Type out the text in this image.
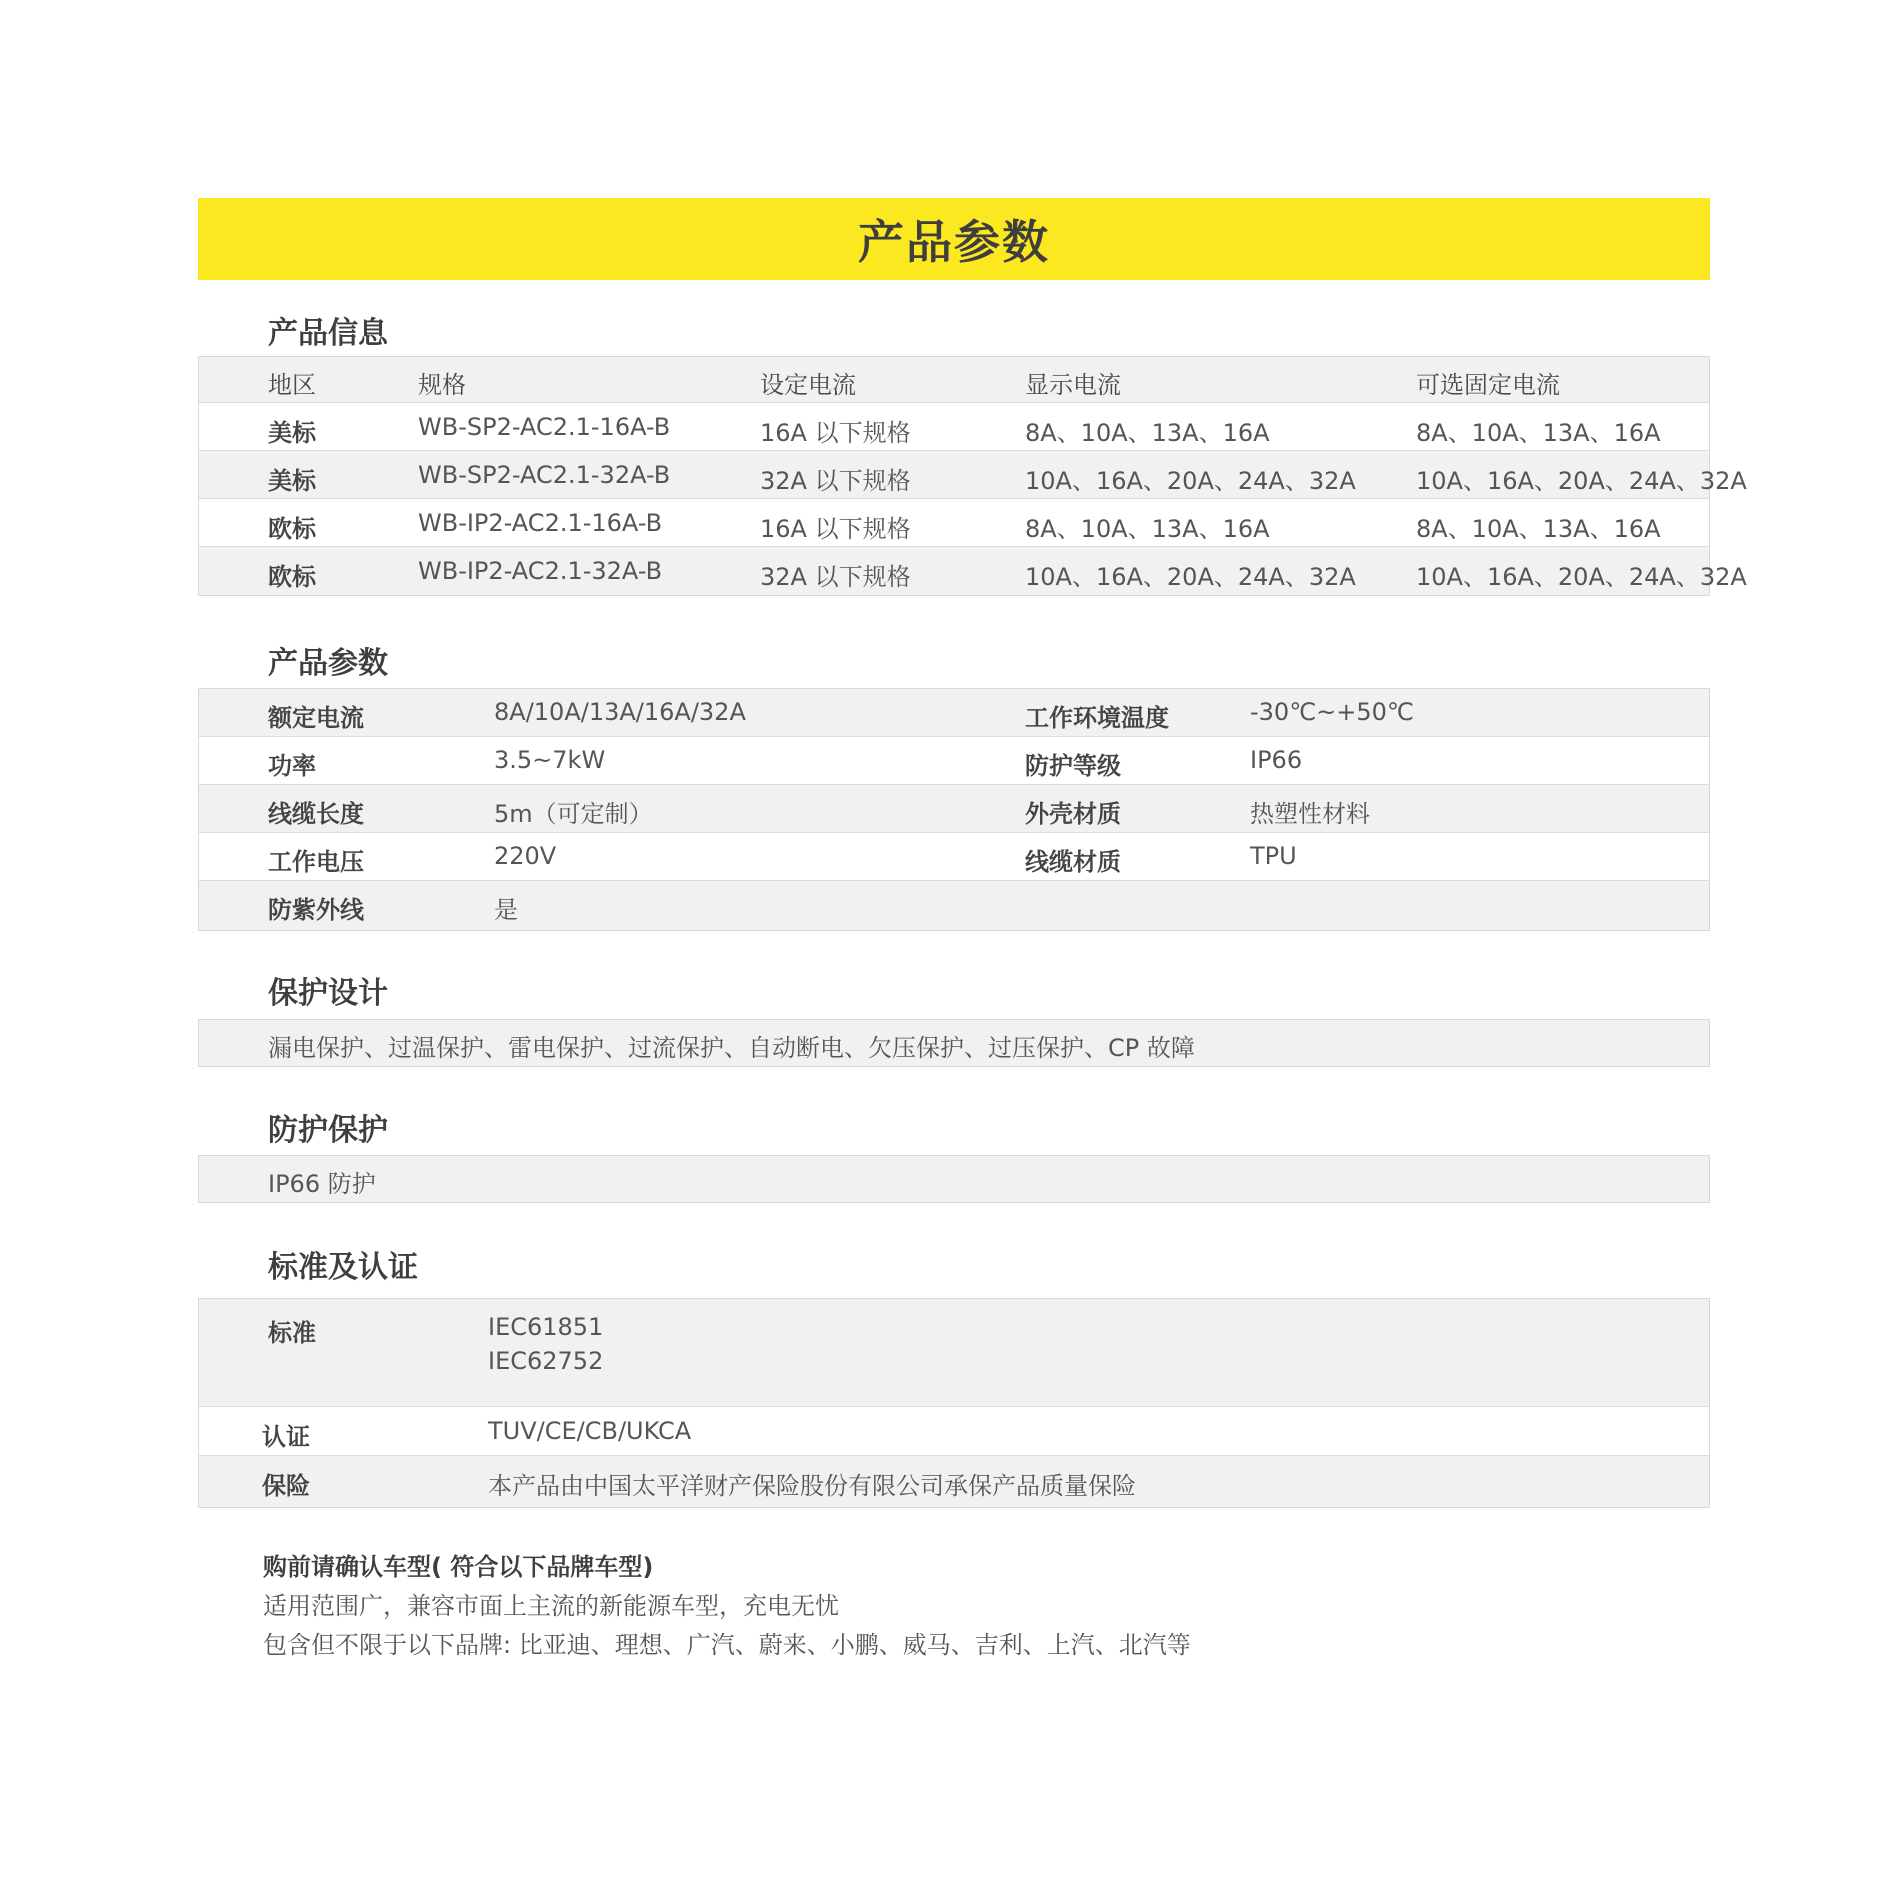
产品参数
产品信息
地区	规格	设定电流	显示电流	可选固定电流
美标	WB-SP2-AC2.1-16A-B	16A 以下规格	8A、10A、13A、16A	8A、10A、13A、16A
美标	WB-SP2-AC2.1-32A-B	32A 以下规格	10A、16A、20A、24A、32A	10A、16A、20A、24A、32A
欧标	WB-IP2-AC2.1-16A-B	16A 以下规格	8A、10A、13A、16A	8A、10A、13A、16A
欧标	WB-IP2-AC2.1-32A-B	32A 以下规格	10A、16A、20A、24A、32A	10A、16A、20A、24A、32A
产品参数
额定电流	8A/10A/13A/16A/32A	工作环境温度	-30℃~+50℃
功率	3.5~7kW	防护等级	IP66
线缆长度	5m（可定制）	外壳材质	热塑性材料
工作电压	220V	线缆材质	TPU
防紫外线	是
保护设计
漏电保护、过温保护、雷电保护、过流保护、自动断电、欠压保护、过压保护、CP 故障
防护保护
IP66 防护
标准及认证
标准	IEC61851
IEC62752
认证	TUV/CE/CB/UKCA
保险	本产品由中国太平洋财产保险股份有限公司承保产品质量保险
购前请确认车型( 符合以下品牌车型)
适用范围广，兼容市面上主流的新能源车型，充电无忧
包含但不限于以下品牌: 比亚迪、理想、广汽、蔚来、小鹏、威马、吉利、上汽、北汽等
